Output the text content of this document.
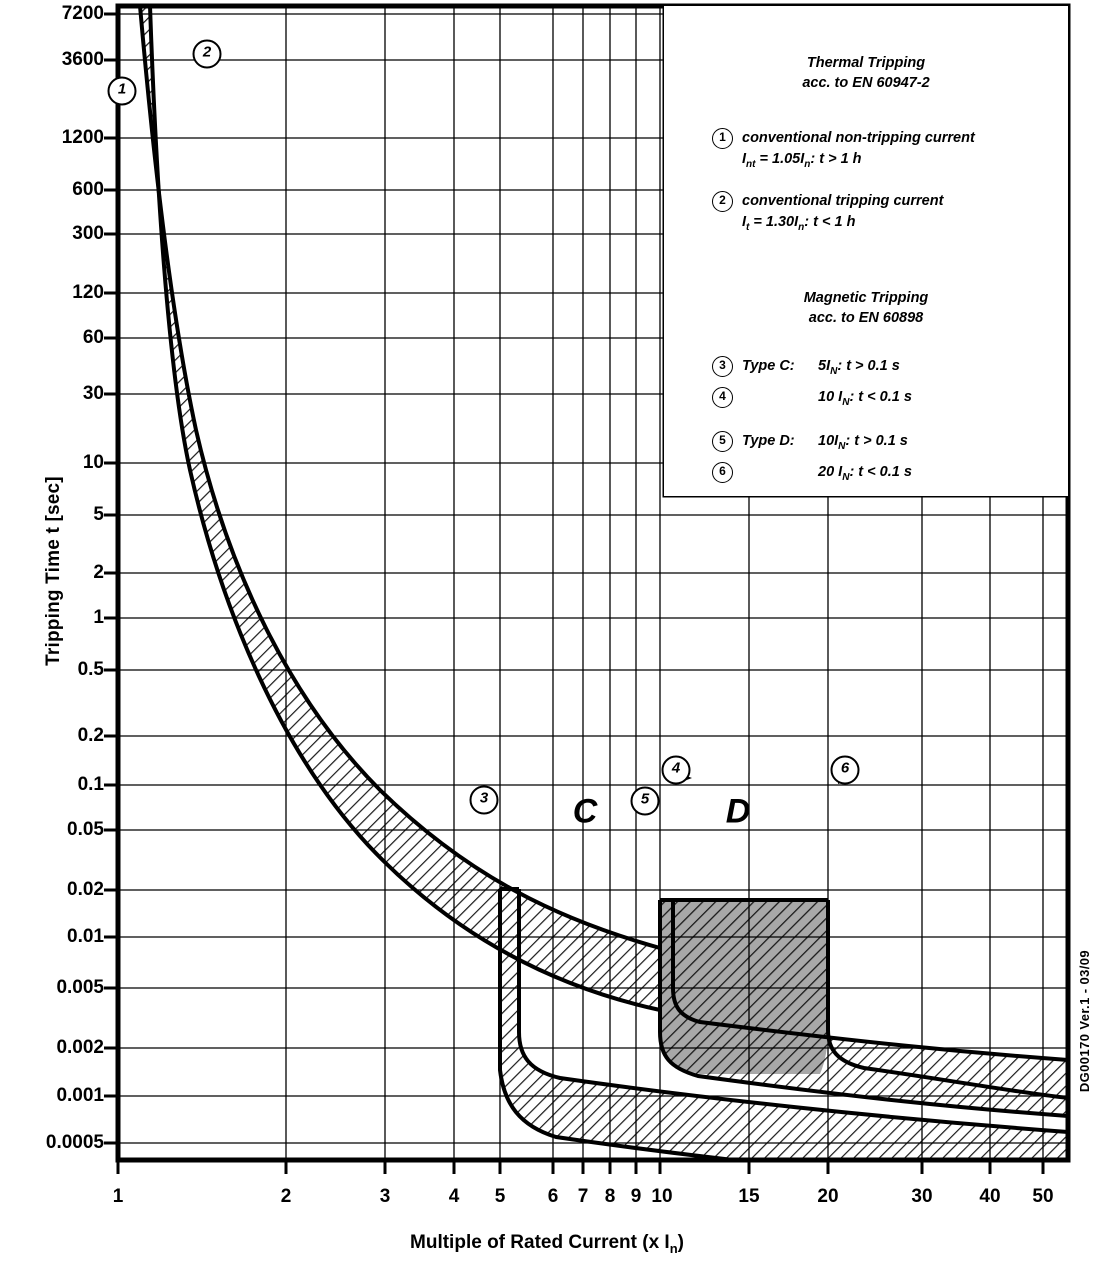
7200
3600
1200
600
300
120
60
30
10
5
2
1
0.5
0.2
0.1
0.05
0.02
0.01
0.005
0.002
0.001
0.0005
1	2	3	4 5 6 7 8 9 10	15	20	30 40 50
Tripping Time t [sec]
Multiple of Rated Current (x $I_n$)
Thermal Tripping
acc. to EN 60947-2
1	conventional non-tripping current
$I_{nt} = 1.05I_n$: t > 1 h
2	conventional tripping current
$I_t = 1.30I_n$: t < 1 h
Magnetic Tripping
acc. to EN 60898
3	Type C: $5I_N$: t > 0.1 s
4	10 $I_N$: t < 0.1 s
5	Type D: $10I_N$: t > 0.1 s
6	20 $I_N$: t < 0.1 s
1
2
3
4
5
6
C	D
DG00170 Ver.1 - 03/09
